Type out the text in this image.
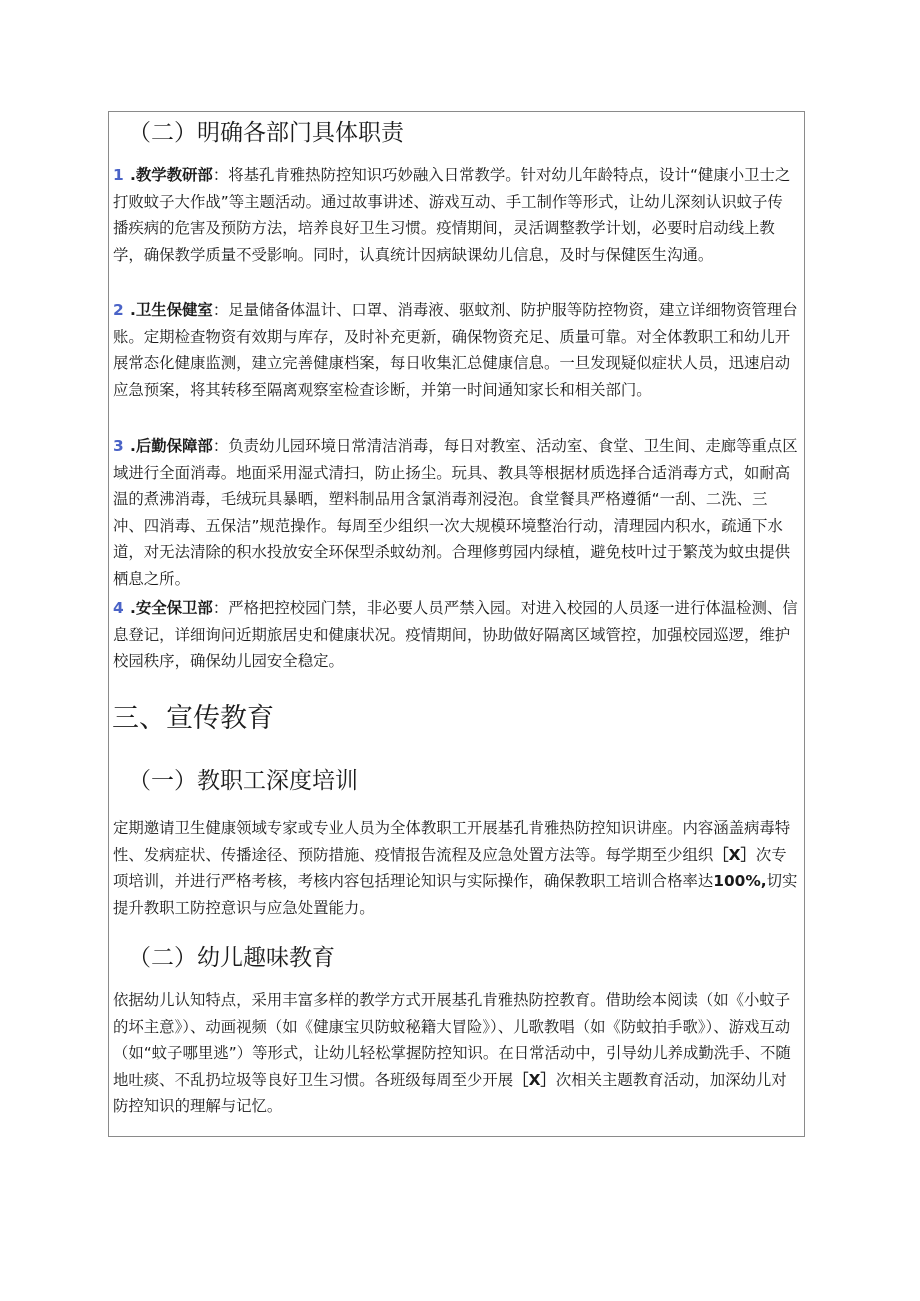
（二）明确各部门具体职责
1 .教学教研部：将基孔肯雅热防控知识巧妙融入日常教学。针对幼儿年龄特点，设计“健康小卫士之打败蚊子大作战”等主题活动。通过故事讲述、游戏互动、手工制作等形式，让幼儿深刻认识蚊子传播疾病的危害及预防方法，培养良好卫生习惯。疫情期间，灵活调整教学计划，必要时启动线上教学，确保教学质量不受影响。同时，认真统计因病缺课幼儿信息，及时与保健医生沟通。
2 .卫生保健室：足量储备体温计、口罩、消毒液、驱蚊剂、防护服等防控物资，建立详细物资管理台账。定期检查物资有效期与库存，及时补充更新，确保物资充足、质量可靠。对全体教职工和幼儿开展常态化健康监测，建立完善健康档案，每日收集汇总健康信息。一旦发现疑似症状人员，迅速启动应急预案，将其转移至隔离观察室检查诊断，并第一时间通知家长和相关部门。
3 .后勤保障部：负责幼儿园环境日常清洁消毒，每日对教室、活动室、食堂、卫生间、走廊等重点区域进行全面消毒。地面采用湿式清扫，防止扬尘。玩具、教具等根据材质选择合适消毒方式，如耐高温的煮沸消毒，毛绒玩具暴晒，塑料制品用含氯消毒剂浸泡。食堂餐具严格遵循“一刮、二洗、三冲、四消毒、五保洁”规范操作。每周至少组织一次大规模环境整治行动，清理园内积水，疏通下水道，对无法清除的积水投放安全环保型杀蚊幼剂。合理修剪园内绿植，避免枝叶过于繁茂为蚊虫提供栖息之所。
4 .安全保卫部：严格把控校园门禁，非必要人员严禁入园。对进入校园的人员逐一进行体温检测、信息登记，详细询问近期旅居史和健康状况。疫情期间，协助做好隔离区域管控，加强校园巡逻，维护校园秩序，确保幼儿园安全稳定。
三、宣传教育
（一）教职工深度培训
定期邀请卫生健康领域专家或专业人员为全体教职工开展基孔肯雅热防控知识讲座。内容涵盖病毒特性、发病症状、传播途径、预防措施、疫情报告流程及应急处置方法等。每学期至少组织［X］次专项培训，并进行严格考核，考核内容包括理论知识与实际操作，确保教职工培训合格率达100%,切实提升教职工防控意识与应急处置能力。
（二）幼儿趣味教育
依据幼儿认知特点，采用丰富多样的教学方式开展基孔肯雅热防控教育。借助绘本阅读（如《小蚊子的坏主意》）、动画视频（如《健康宝贝防蚊秘籍大冒险》）、儿歌教唱（如《防蚊拍手歌》）、游戏互动（如“蚊子哪里逃”）等形式，让幼儿轻松掌握防控知识。在日常活动中，引导幼儿养成勤洗手、不随地吐痰、不乱扔垃圾等良好卫生习惯。各班级每周至少开展［X］次相关主题教育活动，加深幼儿对防控知识的理解与记忆。
